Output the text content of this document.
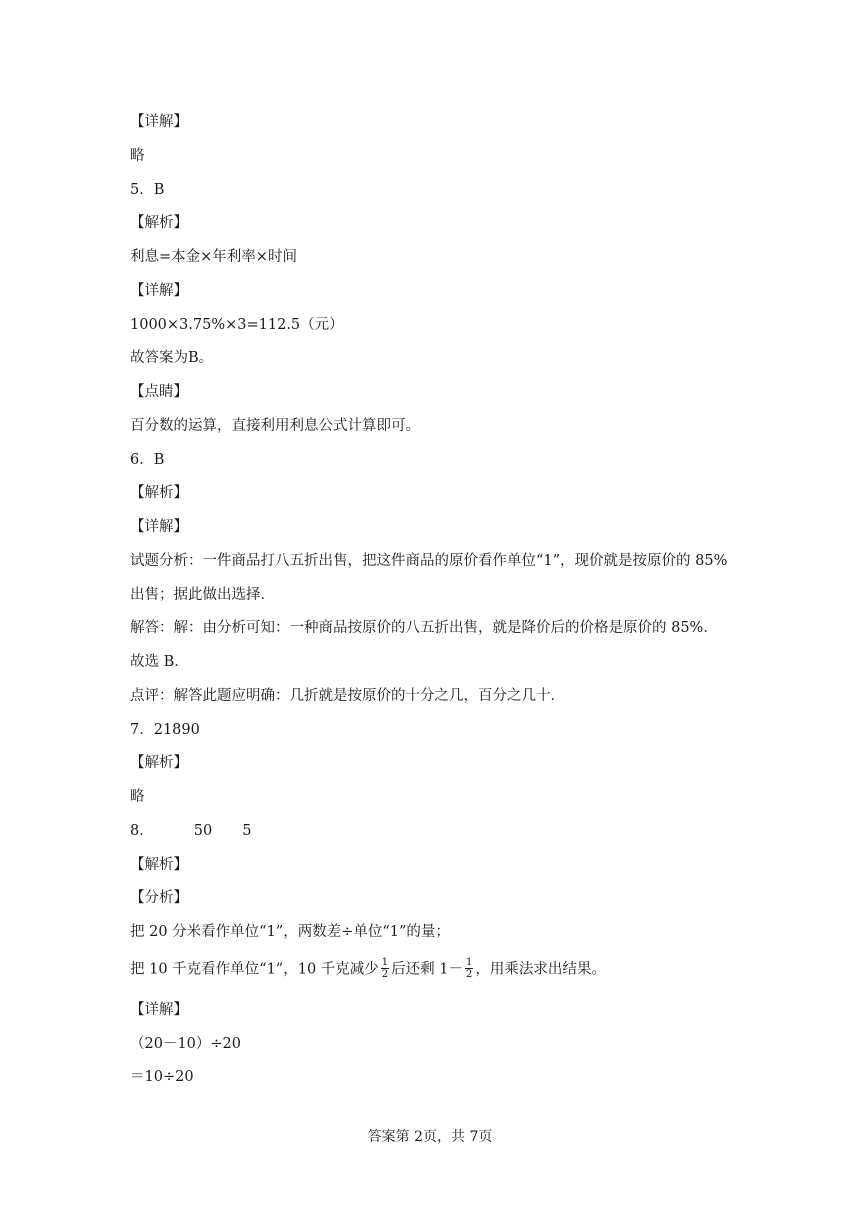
【详解】
略
5．B
【解析】
利息=本金×年利率×时间
【详解】
1000×3.75%×3=112.5（元）
故答案为B。
【点睛】
百分数的运算，直接利用利息公式计算即可。
6．B
【解析】
【详解】
试题分析：一件商品打八五折出售，把这件商品的原价看作单位“1”，现价就是按原价的 85%
出售；据此做出选择．
解答：解：由分析可知：一种商品按原价的八五折出售，就是降价后的价格是原价的 85%．
故选 B．
点评：解答此题应明确：几折就是按原价的十分之几，百分之几十．
7．21890
【解析】
略
8．	50 5
【解析】
【分析】
把 20 分米看作单位“1”，两数差÷单位“1”的量；
把 10 千克看作单位“1”，10 千克减少 $\frac{1}{2}$ 后还剩 $1- \frac{1}{2}$ ，用乘法求出结果。
【详解】
（20－10）÷20
＝10÷20
答案第 2页，共 7页
